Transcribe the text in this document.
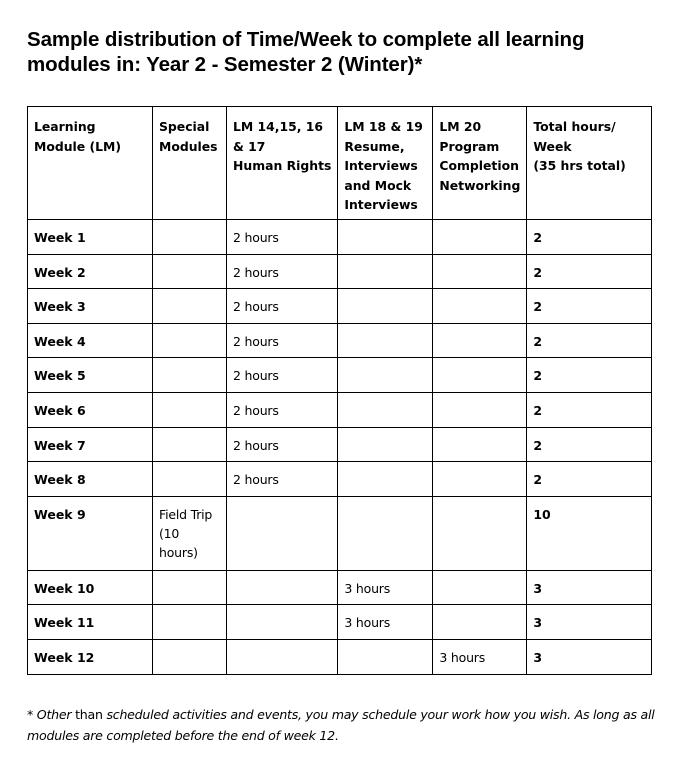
Sample distribution of Time/Week to complete all learning
modules in: Year 2 - Semester 2 (Winter)*
Learning
Module (LM)	Special
Modules	LM 14,15, 16
& 17
Human Rights	LM 18 & 19
Resume,
Interviews
and Mock
Interviews	LM 20
Program
Completion
Networking	Total hours/
Week
(35 hrs total)

Week 1		2 hours			2
Week 2		2 hours			2
Week 3		2 hours			2
Week 4		2 hours			2
Week 5		2 hours			2
Week 6		2 hours			2
Week 7		2 hours			2
Week 8		2 hours			2
Week 9	Field Trip
(10
hours)				10
Week 10			3 hours		3
Week 11			3 hours		3
Week 12				3 hours	3

* Other than scheduled activities and events, you may schedule your work how you wish. As long as all modules are completed before the end of week 12.
